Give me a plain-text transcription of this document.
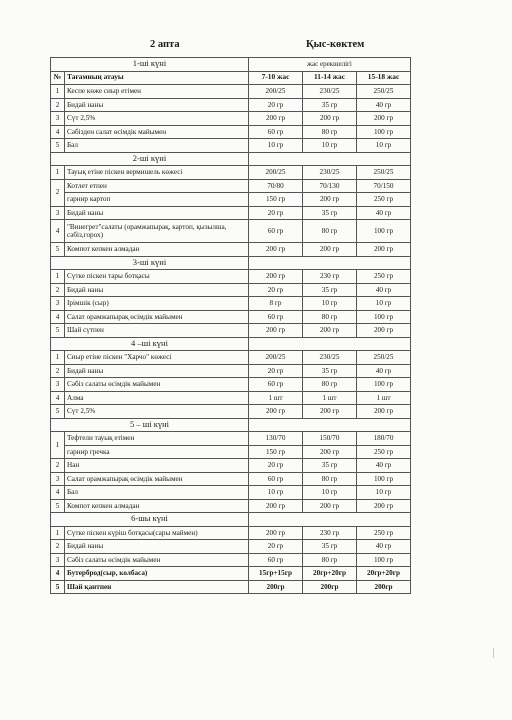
2 апта	Қыс-көктем
1-ші күні		жас ерекшелігі		
№	Тағамның атауы	7-10 жас	11-14 жас	15-18 жас
1	Кеспе көже сиыр етімен	200/25	230/25	250/25
2	Бидай наны	20 гр	35 гр	40 гр
3	Сүт 2,5%	200 гр	200 гр	200 гр
4	Сәбізден салат өсімдік майымен	60 гр	80 гр	100 гр
5	Бал	10 гр	10 гр	10 гр
2-ші күні				
1	Тауық етіне піскен вермишель көжесі	200/25	230/25	250/25
2	Котлет етпен	70/80	70/130	70/150
	гарнир картоп	150 гр	200 гр	250 гр
3	Бидай наны	20 гр	35 гр	40 гр
4	"Винегрет"салаты (орамжапырақ, картоп, қызылша, сәбіз,горох)	60 гр	80 гр	100 гр
5	Компот кепкен алмадан	200 гр	200 гр	200 гр
3-ші күні				
1	Сүтке піскен тары ботқасы	200 гр	230 гр	250 гр
2	Бидай наны	20 гр	35 гр	40 гр
3	Ірімшік (сыр)	8 гр	10 гр	10 гр
4	Салат орамжапырақ өсімдік майымен	60 гр	80 гр	100 гр
5	Шай сүтпен	200 гр	200 гр	200 гр
4 –ші күні				
1	Сиыр етіне піскен "Харчо" көжесі	200/25	230/25	250/25
2	Бидай наны	20 гр	35 гр	40 гр
3	Сәбіз салаты өсімдік майымен	60 гр	80 гр	100 гр
4	Алма	1 шт	1 шт	1 шт
5	Сүт 2,5%	200 гр	200 гр	200 гр
5 – ші күні				
1	Тефтели тауық етімен	130/70	150/70	180/70
	гарнир гречка	150 гр	200 гр	250 гр
2	Нан	20 гр	35 гр	40 гр
3	Салат орамжапырақ өсімдік майымен	60 гр	80 гр	100 гр
4	Бал	10 гр	10 гр	10 гр
5	Компот кепкен алмадан	200 гр	200 гр	200 гр
6-шы күні				
1	Сүтке піскен күріш ботқасы(сары маймен)	200 гр	230 гр	250 гр
2	Бидай наны	20 гр	35 гр	40 гр
3	Сәбіз салаты өсімдік майымен	60 гр	80 гр	100 гр
4	Бутерброд(сыр, колбаса)	15гр+15гр	20гр+20гр	20гр+20гр
5	Шай қантпен	200гр	200гр	200гр
